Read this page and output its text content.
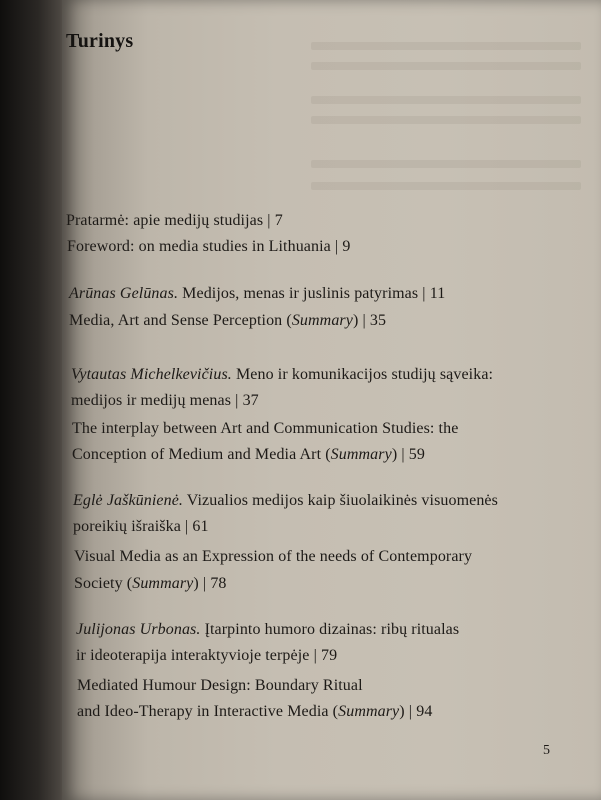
Turinys

Pratarmė: apie medijų studijas | 7

Foreword: on media studies in Lithuania | 9

Arūnas Gelūnas. Medijos, menas ir juslinis patyrimas | 11

Media, Art and Sense Perception (Summary) | 35

Vytautas Michelkevičius. Meno ir komunikacijos studijų sąveika:

medijos ir medijų menas | 37

The interplay between Art and Communication Studies: the

Conception of Medium and Media Art (Summary) | 59

Eglė Jaškūnienė. Vizualios medijos kaip šiuolaikinės visuomenės

poreikių išraiška | 61

Visual Media as an Expression of the needs of Contemporary

Society (Summary) | 78

Julijonas Urbonas. Įtarpinto humoro dizainas: ribų ritualas

ir ideoterapija interaktyvioje terpėje | 79

Mediated Humour Design: Boundary Ritual

and Ideo-Therapy in Interactive Media (Summary) | 94

5
